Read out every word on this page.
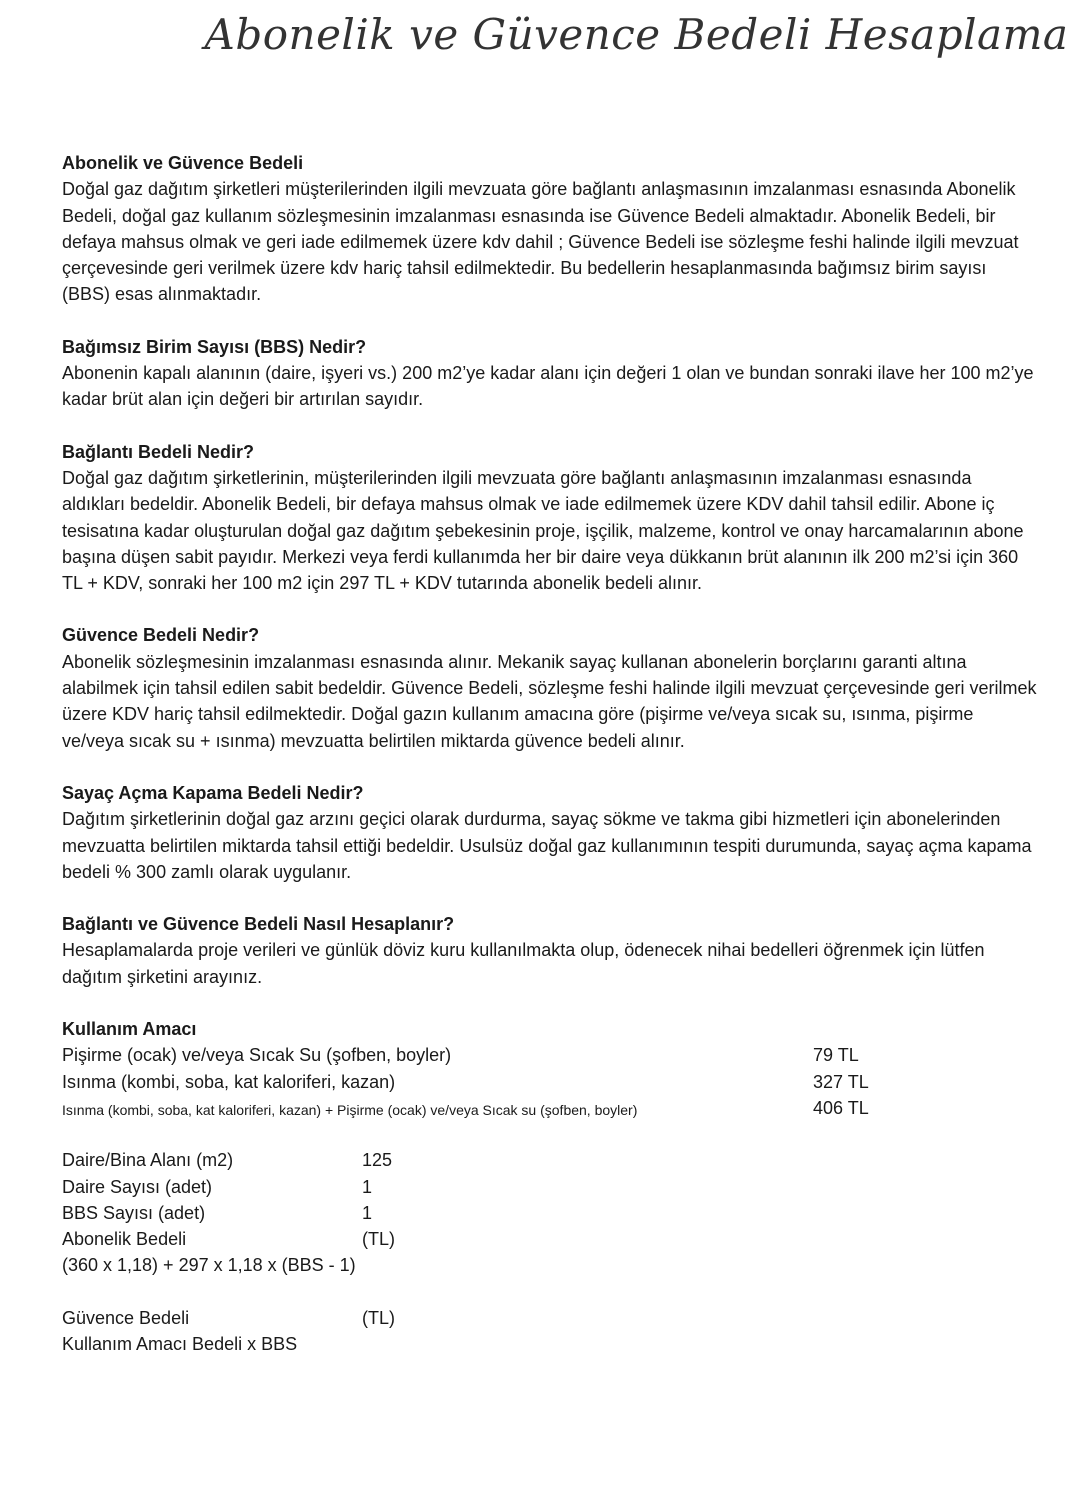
Abonelik ve Güvence Bedeli Hesaplama
Abonelik ve Güvence Bedeli
Doğal gaz dağıtım şirketleri müşterilerinden ilgili mevzuata göre bağlantı anlaşmasının imzalanması esnasında Abonelik Bedeli, doğal gaz kullanım sözleşmesinin imzalanması esnasında ise Güvence Bedeli almaktadır. Abonelik Bedeli, bir defaya mahsus olmak ve geri iade edilmemek üzere kdv dahil ; Güvence Bedeli ise sözleşme feshi halinde ilgili mevzuat çerçevesinde geri verilmek üzere kdv hariç tahsil edilmektedir. Bu bedellerin hesaplanmasında bağımsız birim sayısı (BBS) esas alınmaktadır.
Bağımsız Birim Sayısı (BBS) Nedir?
Abonenin kapalı alanının (daire, işyeri vs.) 200 m2’ye kadar alanı için değeri 1 olan ve bundan sonraki ilave her 100 m2’ye kadar brüt alan için değeri bir artırılan sayıdır.
Bağlantı Bedeli Nedir?
Doğal gaz dağıtım şirketlerinin, müşterilerinden ilgili mevzuata göre bağlantı anlaşmasının imzalanması esnasında aldıkları bedeldir. Abonelik Bedeli, bir defaya mahsus olmak ve iade edilmemek üzere KDV dahil tahsil edilir. Abone iç tesisatına kadar oluşturulan doğal gaz dağıtım şebekesinin proje, işçilik, malzeme, kontrol ve onay harcamalarının abone başına düşen sabit payıdır. Merkezi veya ferdi kullanımda her bir daire veya dükkanın brüt alanının ilk 200 m2’si için 360 TL + KDV, sonraki her 100 m2 için 297 TL + KDV tutarında abonelik bedeli alınır.
Güvence Bedeli Nedir?
Abonelik sözleşmesinin imzalanması esnasında alınır. Mekanik sayaç kullanan abonelerin borçlarını garanti altına alabilmek için tahsil edilen sabit bedeldir. Güvence Bedeli, sözleşme feshi halinde ilgili mevzuat çerçevesinde geri verilmek üzere KDV hariç tahsil edilmektedir. Doğal gazın kullanım amacına göre (pişirme ve/veya sıcak su, ısınma, pişirme ve/veya sıcak su + ısınma) mevzuatta belirtilen miktarda güvence bedeli alınır.
Sayaç Açma Kapama Bedeli Nedir?
Dağıtım şirketlerinin doğal gaz arzını geçici olarak durdurma, sayaç sökme ve takma gibi hizmetleri için abonelerinden mevzuatta belirtilen miktarda tahsil ettiği bedeldir. Usulsüz doğal gaz kullanımının tespiti durumunda, sayaç açma kapama bedeli % 300 zamlı olarak uygulanır.
Bağlantı ve Güvence Bedeli Nasıl Hesaplanır?
Hesaplamalarda proje verileri ve günlük döviz kuru kullanılmakta olup, ödenecek nihai bedelleri öğrenmek için lütfen dağıtım şirketini arayınız.
Kullanım Amacı
Pişirme (ocak) ve/veya Sıcak Su (şofben, boyler)	79 TL
Isınma (kombi, soba, kat kaloriferi, kazan)	327 TL
Isınma (kombi, soba, kat kaloriferi, kazan) + Pişirme (ocak) ve/veya Sıcak su (şofben, boyler)	406 TL
Daire/Bina Alanı (m2)	125
Daire Sayısı (adet)	1
BBS Sayısı (adet)	1
Abonelik Bedeli	(TL)
(360 x 1,18) + 297 x 1,18 x (BBS - 1)
Güvence Bedeli	(TL)
Kullanım Amacı Bedeli x BBS
